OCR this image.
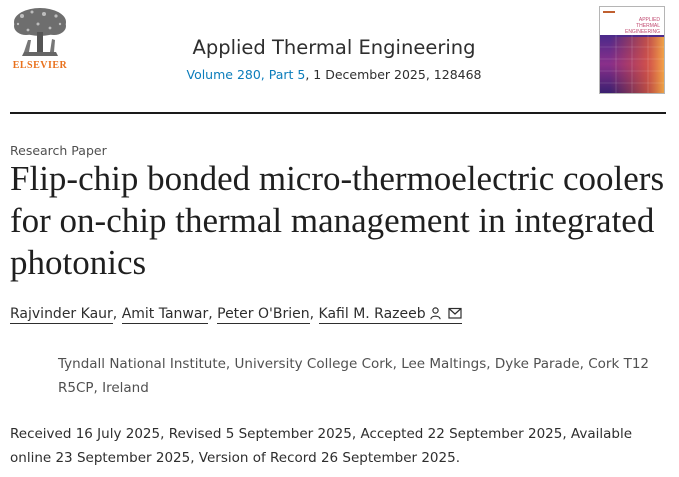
ELSEVIER
Applied Thermal Engineering
Volume 280, Part 5, 1 December 2025, 128468
APPLIED
THERMAL
ENGINEERING
Research Paper
Flip-chip bonded micro-thermoelectric coolers for on-chip thermal management in integrated photonics
Rajvinder Kaur, Amit Tanwar, Peter O'Brien, Kafil M. Razeeb
Tyndall National Institute, University College Cork, Lee Maltings, Dyke Parade, Cork T12 R5CP, Ireland
Received 16 July 2025, Revised 5 September 2025, Accepted 22 September 2025, Available online 23 September 2025, Version of Record 26 September 2025.
